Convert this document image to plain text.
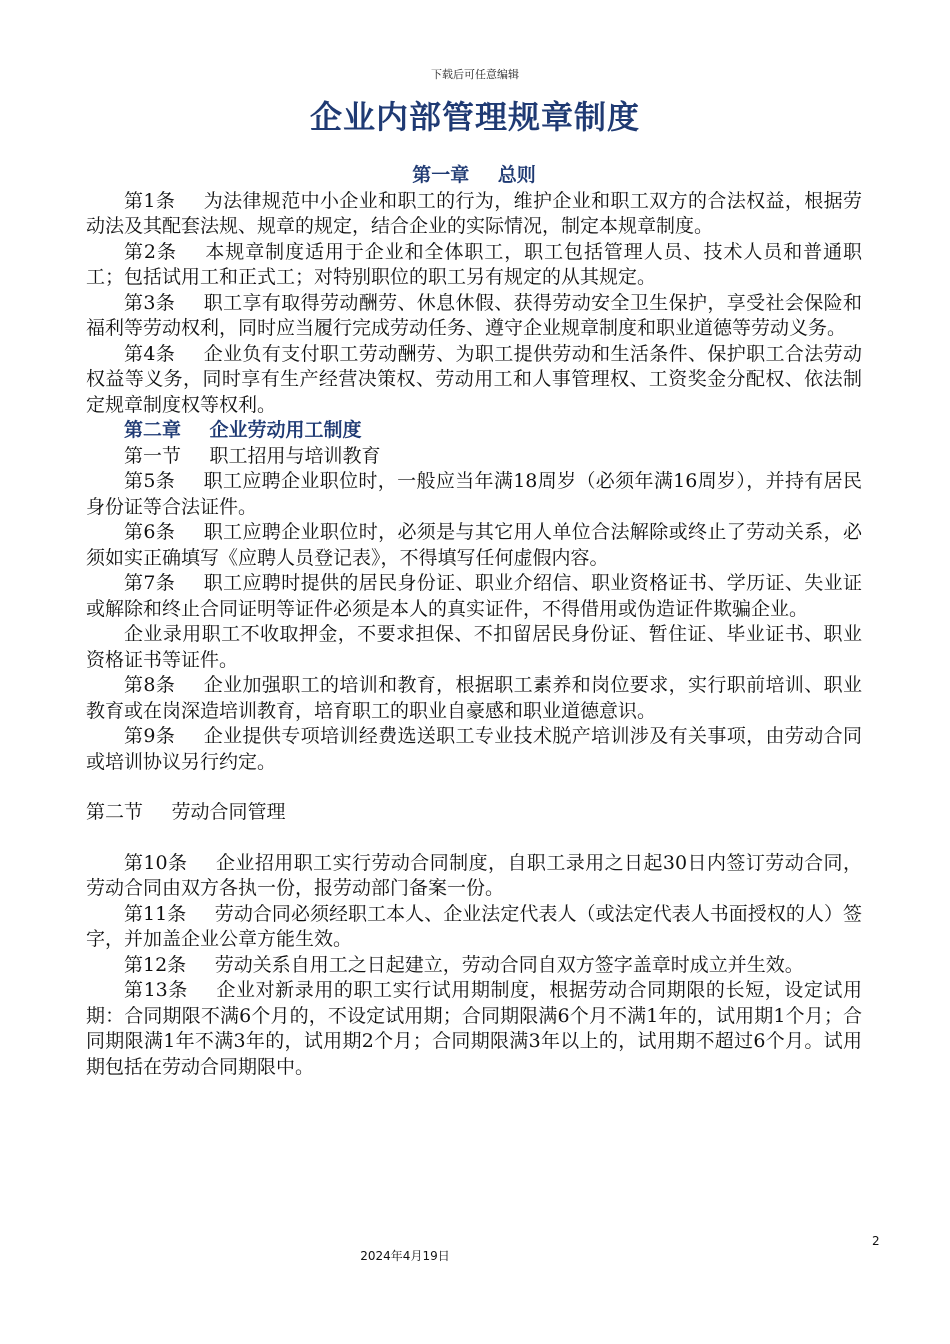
下载后可任意编辑
企业内部管理规章制度
第一章 总则
第1条 为法律规范中小企业和职工的行为，维护企业和职工双方的合法权益，根据劳动法及其配套法规、规章的规定，结合企业的实际情况，制定本规章制度。
第2条 本规章制度适用于企业和全体职工，职工包括管理人员、技术人员和普通职工；包括试用工和正式工；对特别职位的职工另有规定的从其规定。
第3条 职工享有取得劳动酬劳、休息休假、获得劳动安全卫生保护，享受社会保险和福利等劳动权利，同时应当履行完成劳动任务、遵守企业规章制度和职业道德等劳动义务。
第4条 企业负有支付职工劳动酬劳、为职工提供劳动和生活条件、保护职工合法劳动权益等义务，同时享有生产经营决策权、劳动用工和人事管理权、工资奖金分配权、依法制定规章制度权等权利。
第二章 企业劳动用工制度
第一节 职工招用与培训教育
第5条 职工应聘企业职位时，一般应当年满18周岁（必须年满16周岁），并持有居民身份证等合法证件。
第6条 职工应聘企业职位时，必须是与其它用人单位合法解除或终止了劳动关系，必须如实正确填写《应聘人员登记表》，不得填写任何虚假内容。
第7条 职工应聘时提供的居民身份证、职业介绍信、职业资格证书、学历证、失业证或解除和终止合同证明等证件必须是本人的真实证件，不得借用或伪造证件欺骗企业。
企业录用职工不收取押金，不要求担保、不扣留居民身份证、暂住证、毕业证书、职业资格证书等证件。
第8条 企业加强职工的培训和教育，根据职工素养和岗位要求，实行职前培训、职业教育或在岗深造培训教育，培育职工的职业自豪感和职业道德意识。
第9条 企业提供专项培训经费选送职工专业技术脱产培训涉及有关事项，由劳动合同或培训协议另行约定。
第二节 劳动合同管理
第10条 企业招用职工实行劳动合同制度，自职工录用之日起30日内签订劳动合同，劳动合同由双方各执一份，报劳动部门备案一份。
第11条 劳动合同必须经职工本人、企业法定代表人（或法定代表人书面授权的人）签字，并加盖企业公章方能生效。
第12条 劳动关系自用工之日起建立，劳动合同自双方签字盖章时成立并生效。
第13条 企业对新录用的职工实行试用期制度，根据劳动合同期限的长短，设定试用期：合同期限不满6个月的，不设定试用期；合同期限满6个月不满1年的，试用期1个月；合同期限满1年不满3年的，试用期2个月；合同期限满3年以上的，试用期不超过6个月。试用期包括在劳动合同期限中。
2
2024年4月19日
